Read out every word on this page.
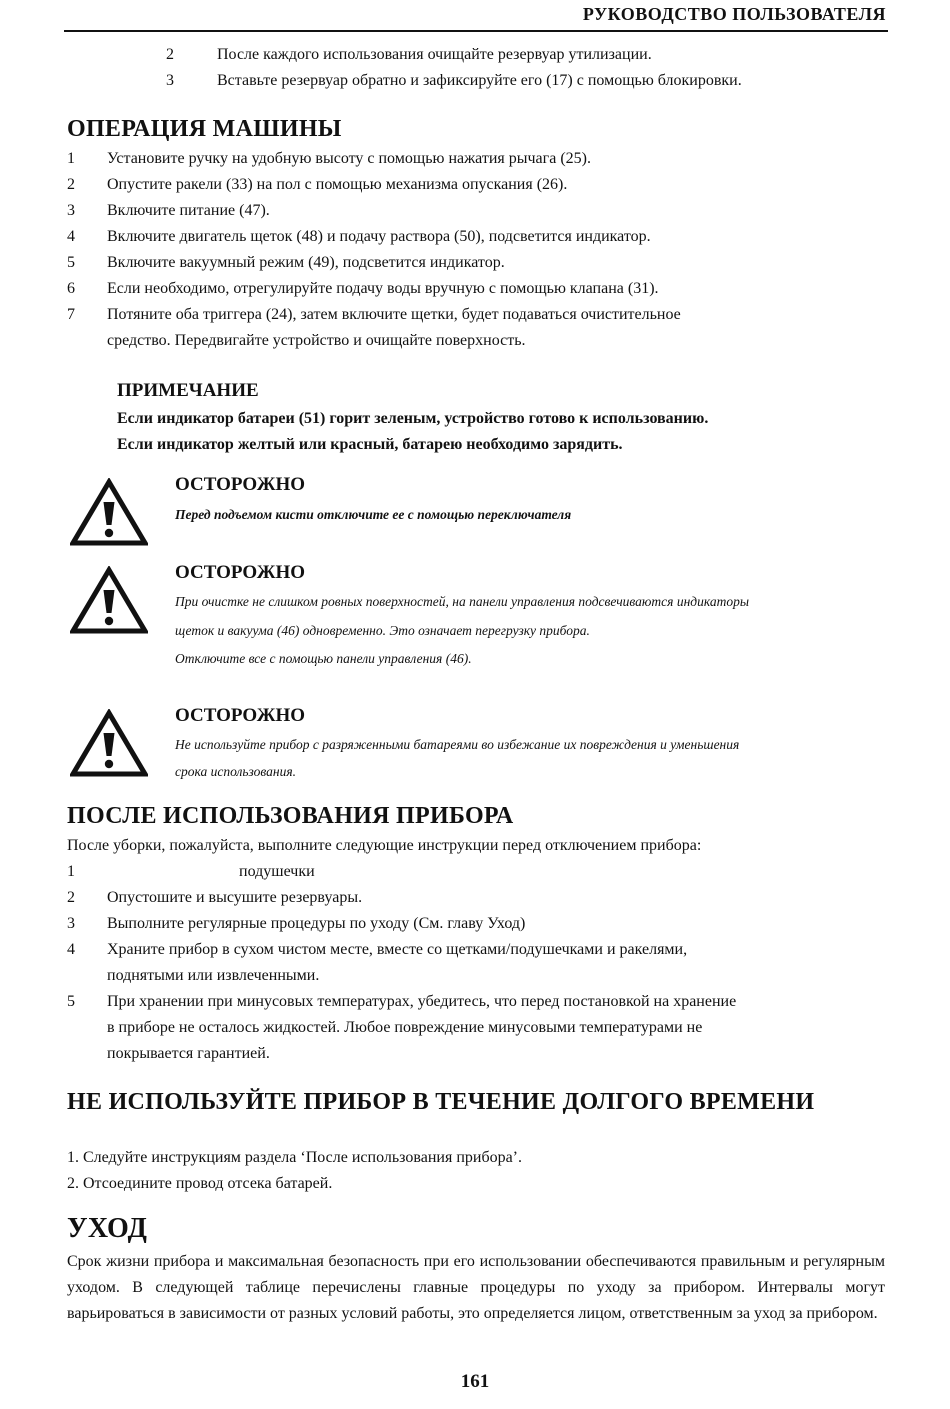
РУКОВОДСТВО ПОЛЬЗОВАТЕЛЯ
2	После каждого использования очищайте резервуар утилизации.
3	Вставьте резервуар обратно и зафиксируйте его (17) с помощью блокировки.
ОПЕРАЦИЯ МАШИНЫ
1 Установите ручку на удобную высоту с помощью нажатия рычага (25).
2 Опустите ракели (33) на пол с помощью механизма опускания (26).
3 Включите питание (47).
4 Включите двигатель щеток (48) и подачу раствора (50), подсветится индикатор.
5 Включите вакуумный режим (49), подсветится индикатор.
6 Если необходимо, отрегулируйте подачу воды вручную с помощью клапана (31).
7 Потяните оба триггера (24), затем включите щетки, будет подаваться очистительное
средство. Передвигайте устройство и очищайте поверхность.
ПРИМЕЧАНИЕ
Если индикатор батареи (51) горит зеленым, устройство готово к использованию.
Если индикатор желтый или красный, батарею необходимо зарядить.
ОСТОРОЖНО
Перед подъемом кисти отключите ее с помощью переключателя
ОСТОРОЖНО
При очистке не слишком ровных поверхностей, на панели управления подсвечиваются индикаторы
щеток и вакуума (46) одновременно. Это означает перегрузку прибора.
Отключите все с помощью панели управления (46).
ОСТОРОЖНО
Не используйте прибор с разряженными батареями во избежание их повреждения и уменьшения
срока использования.
ПОСЛЕ ИСПОЛЬЗОВАНИЯ ПРИБОРА
После уборки, пожалуйста, выполните следующие инструкции перед отключением прибора:
1	подушечки
2 Опустошите и высушите резервуары.
3 Выполните регулярные процедуры по уходу (См. главу Уход)
4 Храните прибор в сухом чистом месте, вместе со щетками/подушечками и ракелями,
поднятыми или извлеченными.
5 При хранении при минусовых температурах, убедитесь, что перед постановкой на хранение
в приборе не осталось жидкостей. Любое повреждение минусовыми температурами не
покрывается гарантией.
НЕ ИСПОЛЬЗУЙТЕ ПРИБОР В ТЕЧЕНИЕ ДОЛГОГО ВРЕМЕНИ
1. Следуйте инструкциям раздела ‘После использования прибора’.
2. Отсоедините провод отсека батарей.
УХОД
Срок жизни прибора и максимальная безопасность при его использовании обеспечиваются правильным и регулярным уходом. В следующей таблице перечислены главные процедуры по уходу за прибором. Интервалы могут варьироваться в зависимости от разных условий работы, это определяется лицом, ответственным за уход за прибором.
161
